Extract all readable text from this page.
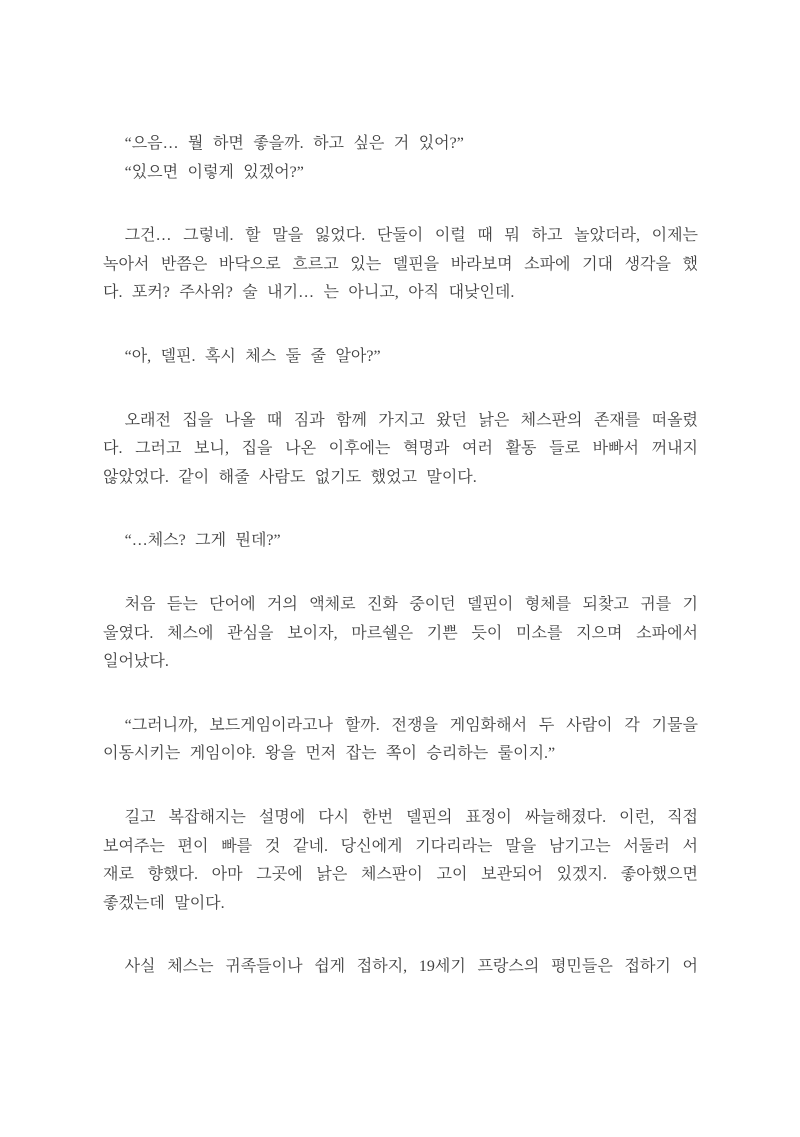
“으음… 뭘 하면 좋을까. 하고 싶은 거 있어?”
“있으면 이렇게 있겠어?”
그건… 그렇네. 할 말을 잃었다. 단둘이 이럴 때 뭐 하고 놀았더라, 이제는
녹아서 반쯤은 바닥으로 흐르고 있는 델핀을 바라보며 소파에 기대 생각을 했
다. 포커? 주사위? 술 내기… 는 아니고, 아직 대낮인데.
“아, 델핀. 혹시 체스 둘 줄 알아?”
오래전 집을 나올 때 짐과 함께 가지고 왔던 낡은 체스판의 존재를 떠올렸
다. 그러고 보니, 집을 나온 이후에는 혁명과 여러 활동 들로 바빠서 꺼내지
않았었다. 같이 해줄 사람도 없기도 했었고 말이다.
“…체스? 그게 뭔데?”
처음 듣는 단어에 거의 액체로 진화 중이던 델핀이 형체를 되찾고 귀를 기
울였다. 체스에 관심을 보이자, 마르쉘은 기쁜 듯이 미소를 지으며 소파에서
일어났다.
“그러니까, 보드게임이라고나 할까. 전쟁을 게임화해서 두 사람이 각 기물을
이동시키는 게임이야. 왕을 먼저 잡는 쪽이 승리하는 룰이지.”
길고 복잡해지는 설명에 다시 한번 델핀의 표정이 싸늘해졌다. 이런, 직접
보여주는 편이 빠를 것 같네. 당신에게 기다리라는 말을 남기고는 서둘러 서
재로 향했다. 아마 그곳에 낡은 체스판이 고이 보관되어 있겠지. 좋아했으면
좋겠는데 말이다.
사실 체스는 귀족들이나 쉽게 접하지, 19세기 프랑스의 평민들은 접하기 어
